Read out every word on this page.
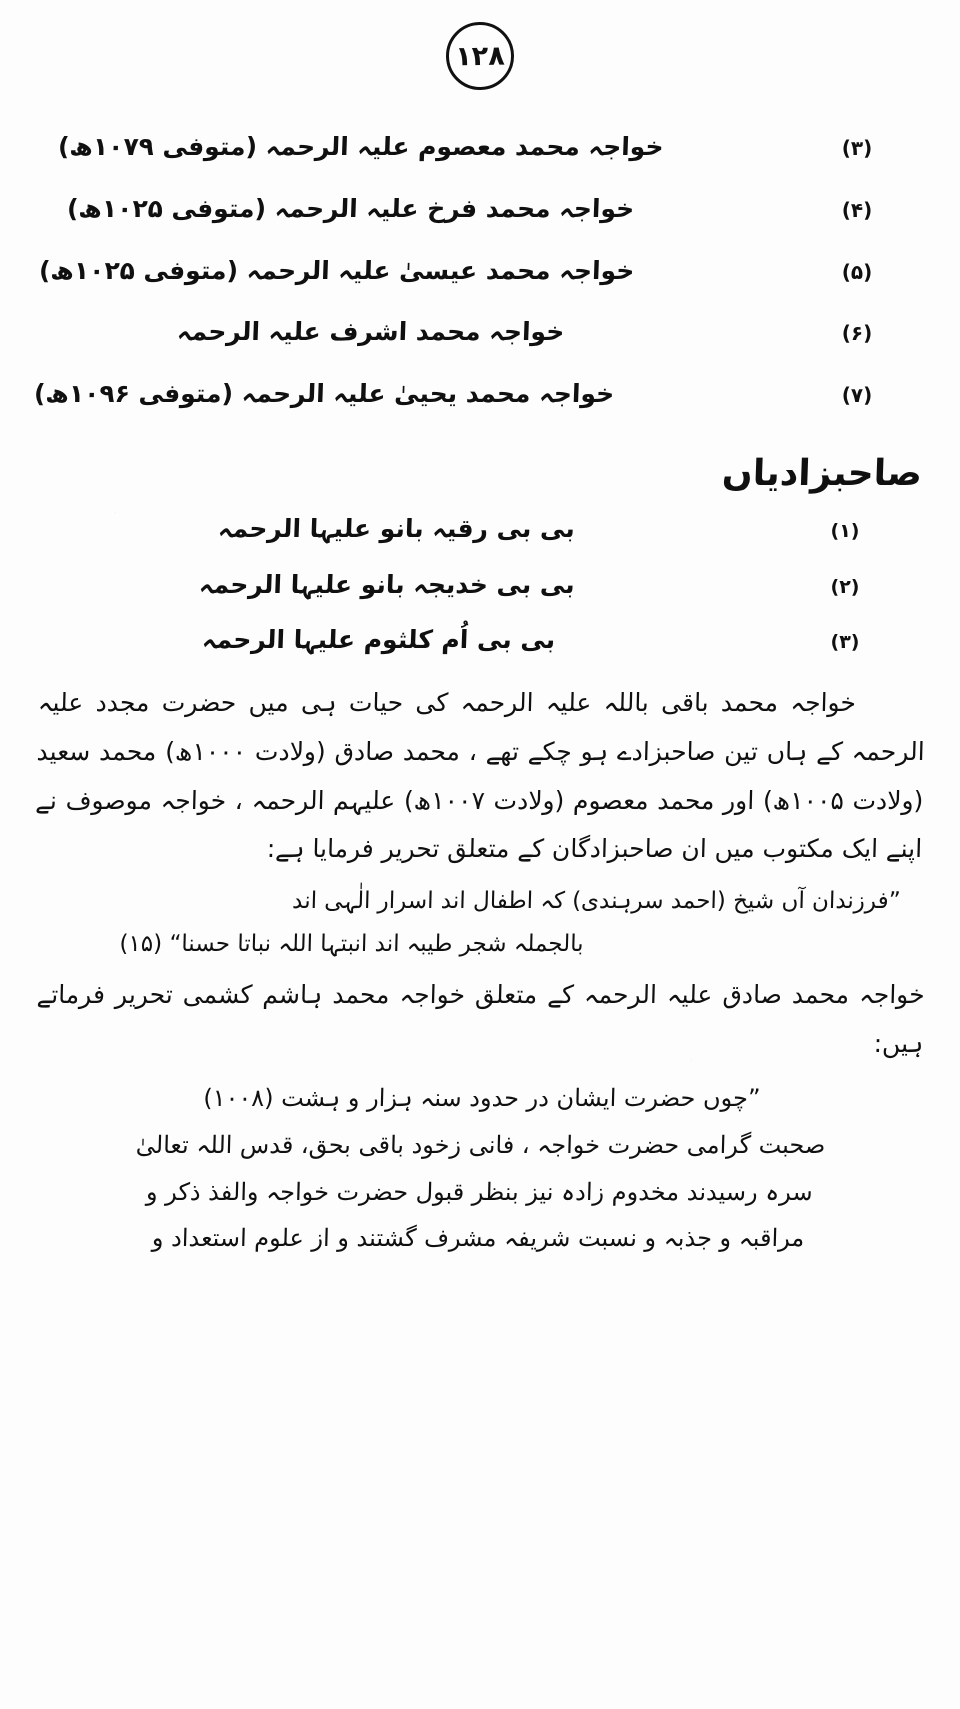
۱۲۸
(۳)
خواجہ محمد معصوم علیہ الرحمہ (متوفی ۱۰۷۹ھ)
(۴)
خواجہ محمد فرخ علیہ الرحمہ (متوفی ۱۰۲۵ھ)
(۵)
خواجہ محمد عیسیٰ علیہ الرحمہ (متوفی ۱۰۲۵ھ)
(۶)
خواجہ محمد اشرف علیہ الرحمہ
(۷)
خواجہ محمد یحییٰ علیہ الرحمہ (متوفی ۱۰۹۶ھ)
صاحبزادیاں
(۱)
بی بی رقیہ بانو علیہا الرحمہ
(۲)
بی بی خدیجہ بانو علیہا الرحمہ
(۳)
بی بی اُم کلثوم علیہا الرحمہ

خواجہ محمد باقی باللہ علیہ الرحمہ کی حیات ہی میں حضرت مجدد علیہ الرحمہ کے ہاں تین صاحبزادے ہو چکے تھے ، محمد صادق (ولادت ۱۰۰۰ھ) محمد سعید (ولادت ۱۰۰۵ھ) اور محمد معصوم (ولادت ۱۰۰۷ھ) علیہم الرحمہ ، خواجہ موصوف نے اپنے ایک مکتوب میں ان صاحبزادگان کے متعلق تحریر فرمایا ہے:

”فرزندان آں شیخ (احمد سرہندی) کہ اطفال اند اسرار الٰہی اند
بالجملہ شجر طیبہ اند انبتہا اللہ نباتا حسنا“ (۱۵)

خواجہ محمد صادق علیہ الرحمہ کے متعلق خواجہ محمد ہاشم کشمی تحریر فرماتے ہیں:

”چوں حضرت ایشان در حدود سنہ ہزار و ہشت (۱۰۰۸)
صحبت گرامی حضرت خواجہ ، فانی زخود باقی بحق، قدس اللہ تعالیٰ
سرہ رسیدند مخدوم زادہ نیز بنظر قبول حضرت خواجہ والفذ ذکر و
مراقبہ و جذبہ و نسبت شریفہ مشرف گشتند و از علوم استعداد و
